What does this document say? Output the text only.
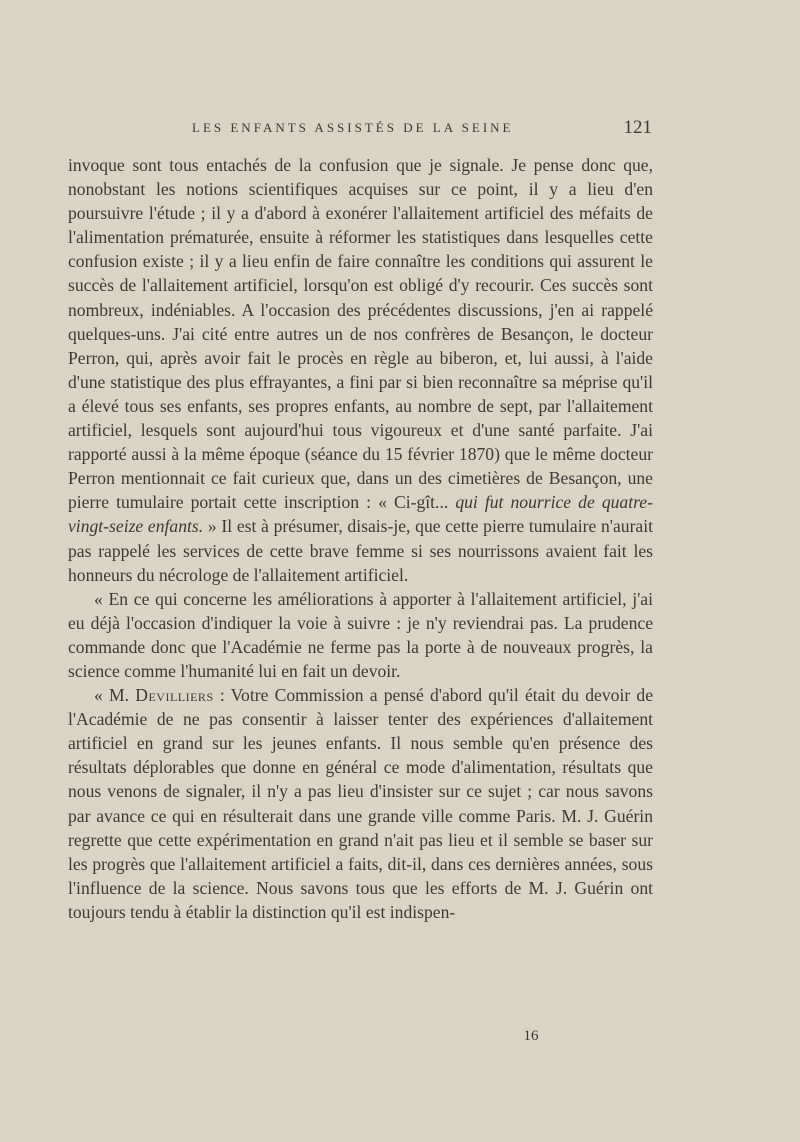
LES ENFANTS ASSISTÉS DE LA SEINE	121

invoque sont tous entachés de la confusion que je signale. Je pense donc que, nonobstant les notions scientifiques acquises sur ce point, il y a lieu d'en poursuivre l'étude ; il y a d'abord à exonérer l'allaitement artificiel des méfaits de l'alimentation prématurée, ensuite à réformer les statistiques dans lesquelles cette confusion existe ; il y a lieu enfin de faire connaître les conditions qui assurent le succès de l'allaitement artificiel, lorsqu'on est obligé d'y recourir. Ces succès sont nombreux, indéniables. A l'occasion des précédentes discussions, j'en ai rappelé quelques-uns. J'ai cité entre autres un de nos confrères de Besançon, le docteur Perron, qui, après avoir fait le procès en règle au biberon, et, lui aussi, à l'aide d'une statistique des plus effrayantes, a fini par si bien reconnaître sa méprise qu'il a élevé tous ses enfants, ses propres enfants, au nombre de sept, par l'allaitement artificiel, lesquels sont aujourd'hui tous vigoureux et d'une santé parfaite. J'ai rapporté aussi à la même époque (séance du 15 février 1870) que le même docteur Perron mentionnait ce fait curieux que, dans un des cimetières de Besançon, une pierre tumulaire portait cette inscription : « Ci-gît... qui fut nourrice de quatre-vingt-seize enfants. » Il est à présumer, disais-je, que cette pierre tumulaire n'aurait pas rappelé les services de cette brave femme si ses nourrissons avaient fait les honneurs du nécrologe de l'allaitement artificiel.

« En ce qui concerne les améliorations à apporter à l'allaitement artificiel, j'ai eu déjà l'occasion d'indiquer la voie à suivre : je n'y reviendrai pas. La prudence commande donc que l'Académie ne ferme pas la porte à de nouveaux progrès, la science comme l'humanité lui en fait un devoir.

« M. Devilliers : Votre Commission a pensé d'abord qu'il était du devoir de l'Académie de ne pas consentir à laisser tenter des expériences d'allaitement artificiel en grand sur les jeunes enfants. Il nous semble qu'en présence des résultats déplorables que donne en général ce mode d'alimentation, résultats que nous venons de signaler, il n'y a pas lieu d'insister sur ce sujet ; car nous savons par avance ce qui en résulterait dans une grande ville comme Paris. M. J. Guérin regrette que cette expérimentation en grand n'ait pas lieu et il semble se baser sur les progrès que l'allaitement artificiel a faits, dit-il, dans ces dernières années, sous l'influence de la science. Nous savons tous que les efforts de M. J. Guérin ont toujours tendu à établir la distinction qu'il est indispen-

16
